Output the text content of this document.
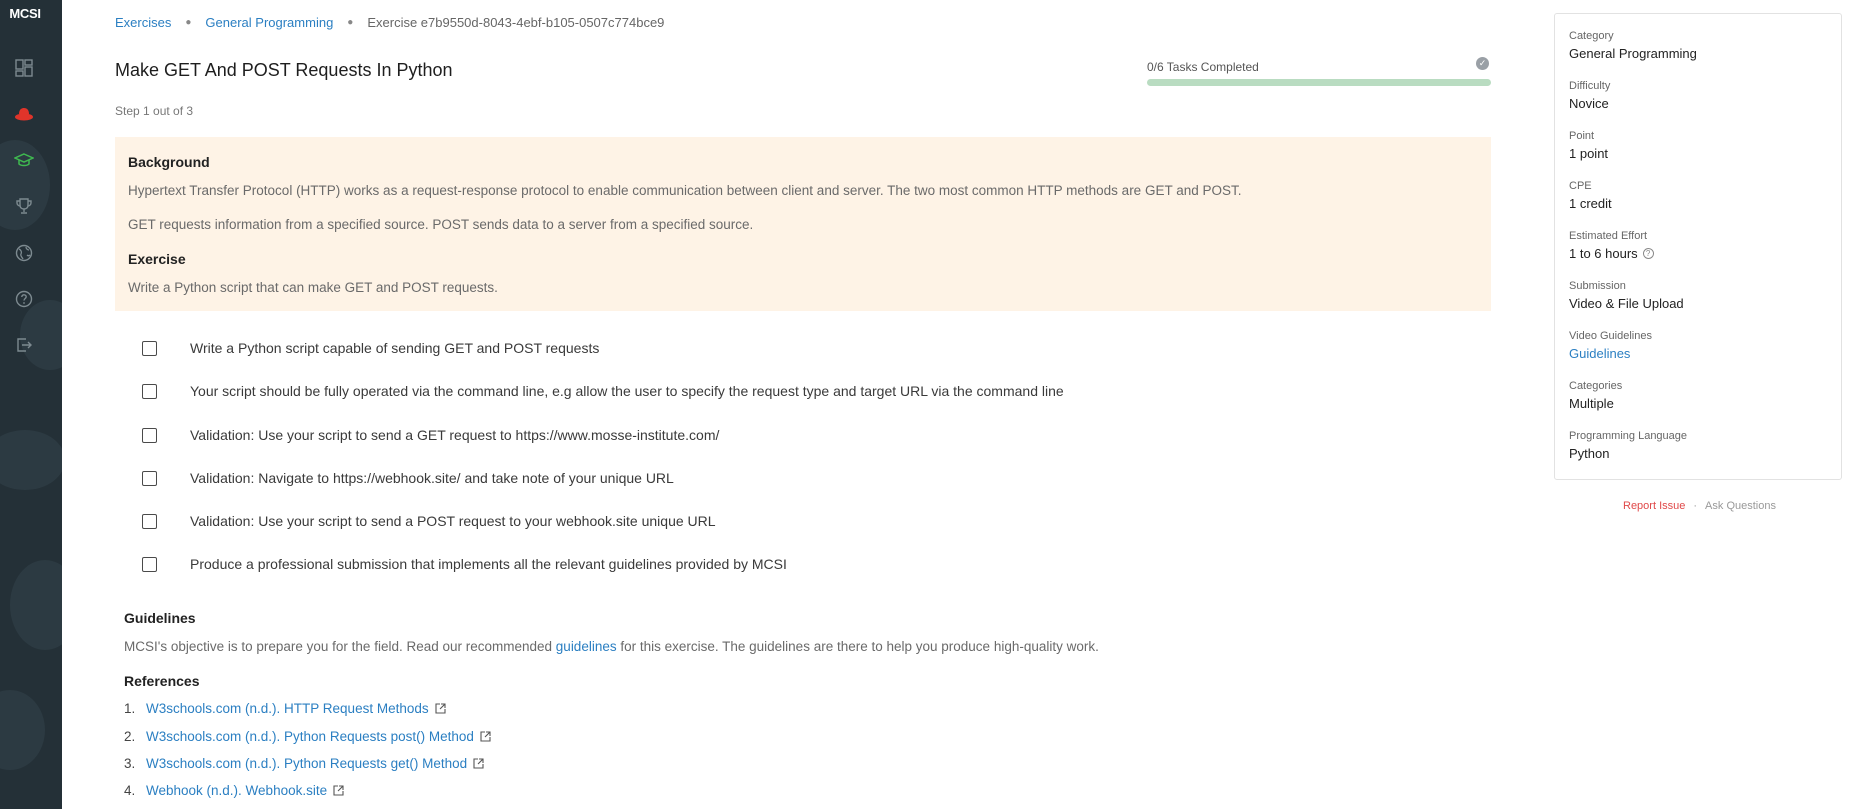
MCSI
Exercises ● General Programming ● Exercise e7b9550d-8043-4ebf-b105-0507c774bce9
Make GET And POST Requests In Python
Step 1 out of 3
0/6 Tasks Completed	✓
Background

Hypertext Transfer Protocol (HTTP) works as a request-response protocol to enable communication between client and server. The two most common HTTP methods are GET and POST.

GET requests information from a specified source. POST sends data to a server from a specified source.

Exercise

Write a Python script that can make GET and POST requests.

Write a Python script capable of sending GET and POST requests
Your script should be fully operated via the command line, e.g allow the user to specify the request type and target URL via the command line
Validation: Use your script to send a GET request to https://www.mosse-institute.com/
Validation: Navigate to https://webhook.site/ and take note of your unique URL
Validation: Use your script to send a POST request to your webhook.site unique URL
Produce a professional submission that implements all the relevant guidelines provided by MCSI
Guidelines
MCSI's objective is to prepare you for the field. Read our recommended guidelines for this exercise. The guidelines are there to help you produce high-quality work.
References
1. W3schools.com (n.d.). HTTP Request Methods
2. W3schools.com (n.d.). Python Requests post() Method
3. W3schools.com (n.d.). Python Requests get() Method
4. Webhook (n.d.). Webhook.site
Category
General Programming
Difficulty
Novice
Point
1 point
CPE
1 credit
Estimated Effort
1 to 6 hours	?
Submission
Video & File Upload
Video Guidelines
Guidelines
Categories
Multiple
Programming Language
Python
Report Issue · Ask Questions
